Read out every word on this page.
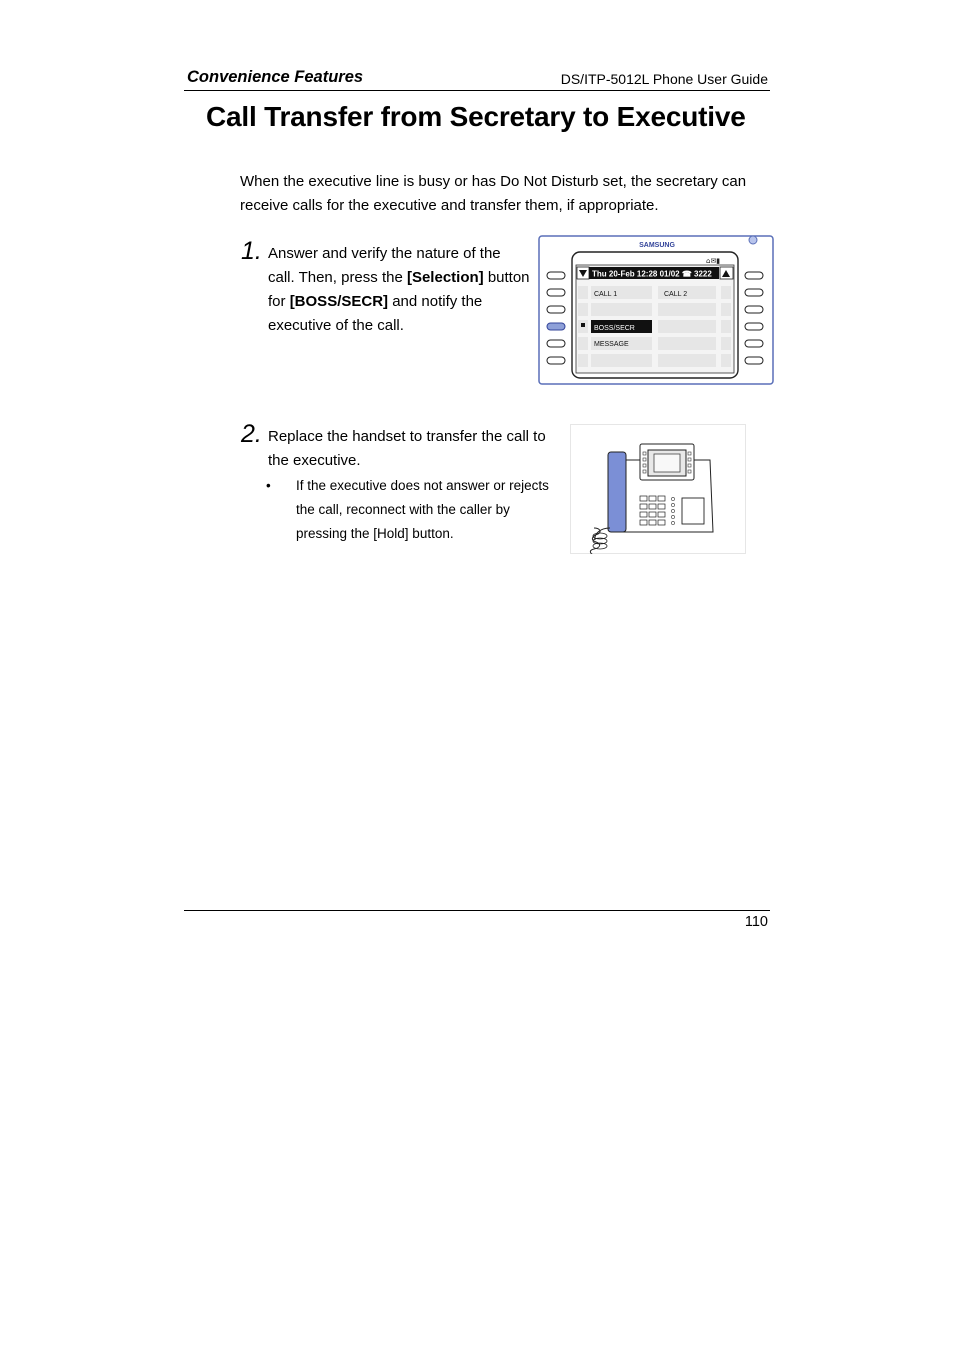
Convenience Features	DS/ITP-5012L Phone User Guide
Call Transfer from Secretary to Executive

When the executive line is busy or has Do Not Disturb set, the secretary can receive calls for the executive and transfer them, if appropriate.

1. Answer and verify the nature of the call. Then, press the [Selection] button for [BOSS/SECR] and notify the executive of the call.
SAMSUNG
⌂✉︎▮
Thu 20-Feb 12:28 01/02 ☎ 3222
CALL 1	CALL 2
BOSS/SECR
MESSAGE
2. Replace the handset to transfer the call to the executive.
• If the executive does not answer or rejects the call, reconnect with the caller by pressing the [Hold] button.
110
